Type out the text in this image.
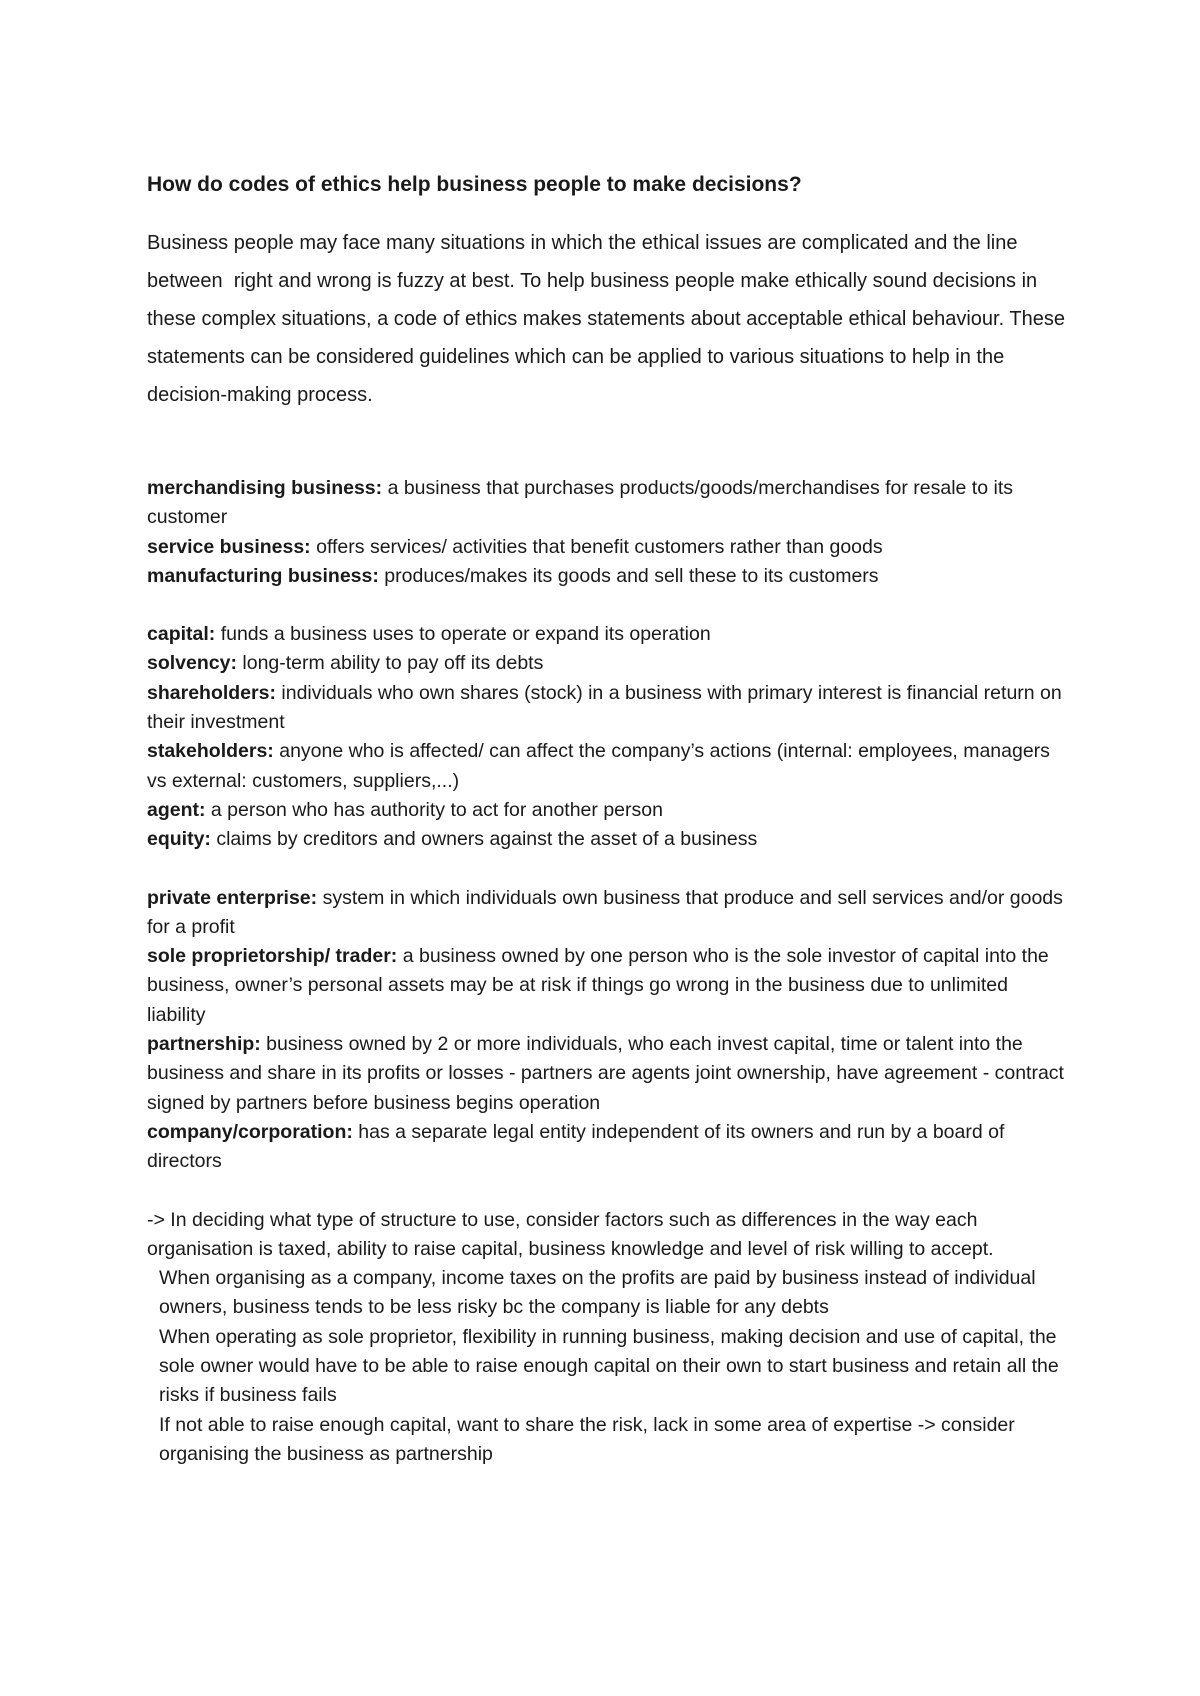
How do codes of ethics help business people to make decisions?

Business people may face many situations in which the ethical issues are complicated and the line between  right and wrong is fuzzy at best. To help business people make ethically sound decisions in these complex situations, a code of ethics makes statements about acceptable ethical behaviour. These statements can be considered guidelines which can be applied to various situations to help in the decision-making process.

merchandising business: a business that purchases products/goods/merchandises for resale to its customer

service business: offers services/ activities that benefit customers rather than goods

manufacturing business: produces/makes its goods and sell these to its customers

capital: funds a business uses to operate or expand its operation

solvency: long-term ability to pay off its debts

shareholders: individuals who own shares (stock) in a business with primary interest is financial return on their investment

stakeholders: anyone who is affected/ can affect the company’s actions (internal: employees, managers vs external: customers, suppliers,...)

agent: a person who has authority to act for another person

equity: claims by creditors and owners against the asset of a business

private enterprise: system in which individuals own business that produce and sell services and/or goods for a profit

sole proprietorship/ trader: a business owned by one person who is the sole investor of capital into the business, owner’s personal assets may be at risk if things go wrong in the business due to unlimited liability

partnership: business owned by 2 or more individuals, who each invest capital, time or talent into the business and share in its profits or losses - partners are agents joint ownership, have agreement - contract signed by partners before business begins operation

company/corporation: has a separate legal entity independent of its owners and run by a board of directors

-> In deciding what type of structure to use, consider factors such as differences in the way each organisation is taxed, ability to raise capital, business knowledge and level of risk willing to accept.

When organising as a company, income taxes on the profits are paid by business instead of individual owners, business tends to be less risky bc the company is liable for any debts

When operating as sole proprietor, flexibility in running business, making decision and use of capital, the sole owner would have to be able to raise enough capital on their own to start business and retain all the risks if business fails

If not able to raise enough capital, want to share the risk, lack in some area of expertise -> consider organising the business as partnership
